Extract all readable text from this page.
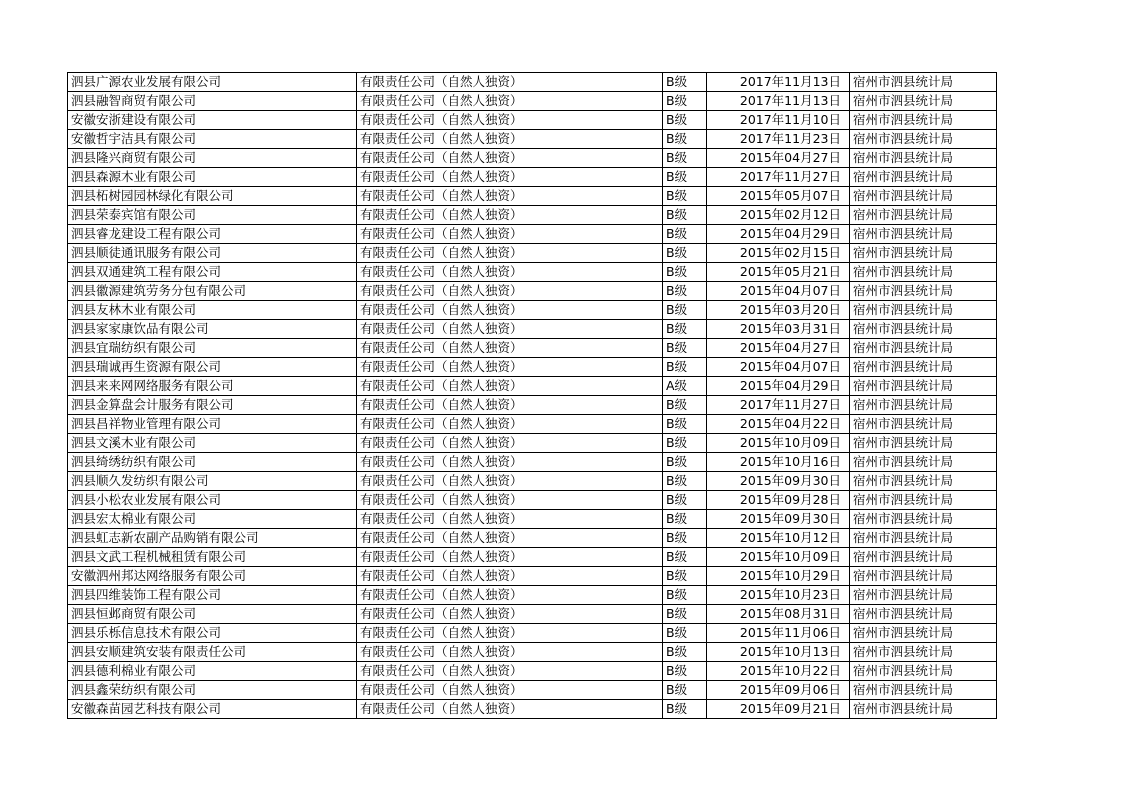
泗县广源农业发展有限公司	有限责任公司（自然人独资）	B级	2017年11月13日	宿州市泗县统计局
泗县融智商贸有限公司	有限责任公司（自然人独资）	B级	2017年11月13日	宿州市泗县统计局
安徽安浙建设有限公司	有限责任公司（自然人独资）	B级	2017年11月10日	宿州市泗县统计局
安徽哲宇洁具有限公司	有限责任公司（自然人独资）	B级	2017年11月23日	宿州市泗县统计局
泗县隆兴商贸有限公司	有限责任公司（自然人独资）	B级	2015年04月27日	宿州市泗县统计局
泗县森源木业有限公司	有限责任公司（自然人独资）	B级	2017年11月27日	宿州市泗县统计局
泗县柘树园园林绿化有限公司	有限责任公司（自然人独资）	B级	2015年05月07日	宿州市泗县统计局
泗县荣泰宾馆有限公司	有限责任公司（自然人独资）	B级	2015年02月12日	宿州市泗县统计局
泗县睿龙建设工程有限公司	有限责任公司（自然人独资）	B级	2015年04月29日	宿州市泗县统计局
泗县顺徒通讯服务有限公司	有限责任公司（自然人独资）	B级	2015年02月15日	宿州市泗县统计局
泗县双通建筑工程有限公司	有限责任公司（自然人独资）	B级	2015年05月21日	宿州市泗县统计局
泗县徽源建筑劳务分包有限公司	有限责任公司（自然人独资）	B级	2015年04月07日	宿州市泗县统计局
泗县友林木业有限公司	有限责任公司（自然人独资）	B级	2015年03月20日	宿州市泗县统计局
泗县家家康饮品有限公司	有限责任公司（自然人独资）	B级	2015年03月31日	宿州市泗县统计局
泗县宜瑞纺织有限公司	有限责任公司（自然人独资）	B级	2015年04月27日	宿州市泗县统计局
泗县瑞诚再生资源有限公司	有限责任公司（自然人独资）	B级	2015年04月07日	宿州市泗县统计局
泗县来来网网络服务有限公司	有限责任公司（自然人独资）	A级	2015年04月29日	宿州市泗县统计局
泗县金算盘会计服务有限公司	有限责任公司（自然人独资）	B级	2017年11月27日	宿州市泗县统计局
泗县昌祥物业管理有限公司	有限责任公司（自然人独资）	B级	2015年04月22日	宿州市泗县统计局
泗县文溪木业有限公司	有限责任公司（自然人独资）	B级	2015年10月09日	宿州市泗县统计局
泗县绮绣纺织有限公司	有限责任公司（自然人独资）	B级	2015年10月16日	宿州市泗县统计局
泗县顺久发纺织有限公司	有限责任公司（自然人独资）	B级	2015年09月30日	宿州市泗县统计局
泗县小松农业发展有限公司	有限责任公司（自然人独资）	B级	2015年09月28日	宿州市泗县统计局
泗县宏太棉业有限公司	有限责任公司（自然人独资）	B级	2015年09月30日	宿州市泗县统计局
泗县虹志新农副产品购销有限公司	有限责任公司（自然人独资）	B级	2015年10月12日	宿州市泗县统计局
泗县文武工程机械租赁有限公司	有限责任公司（自然人独资）	B级	2015年10月09日	宿州市泗县统计局
安徽泗州邦达网络服务有限公司	有限责任公司（自然人独资）	B级	2015年10月29日	宿州市泗县统计局
泗县四维装饰工程有限公司	有限责任公司（自然人独资）	B级	2015年10月23日	宿州市泗县统计局
泗县恒邺商贸有限公司	有限责任公司（自然人独资）	B级	2015年08月31日	宿州市泗县统计局
泗县乐栎信息技术有限公司	有限责任公司（自然人独资）	B级	2015年11月06日	宿州市泗县统计局
泗县安顺建筑安装有限责任公司	有限责任公司（自然人独资）	B级	2015年10月13日	宿州市泗县统计局
泗县德利棉业有限公司	有限责任公司（自然人独资）	B级	2015年10月22日	宿州市泗县统计局
泗县鑫荣纺织有限公司	有限责任公司（自然人独资）	B级	2015年09月06日	宿州市泗县统计局
安徽森苗园艺科技有限公司	有限责任公司（自然人独资）	B级	2015年09月21日	宿州市泗县统计局
